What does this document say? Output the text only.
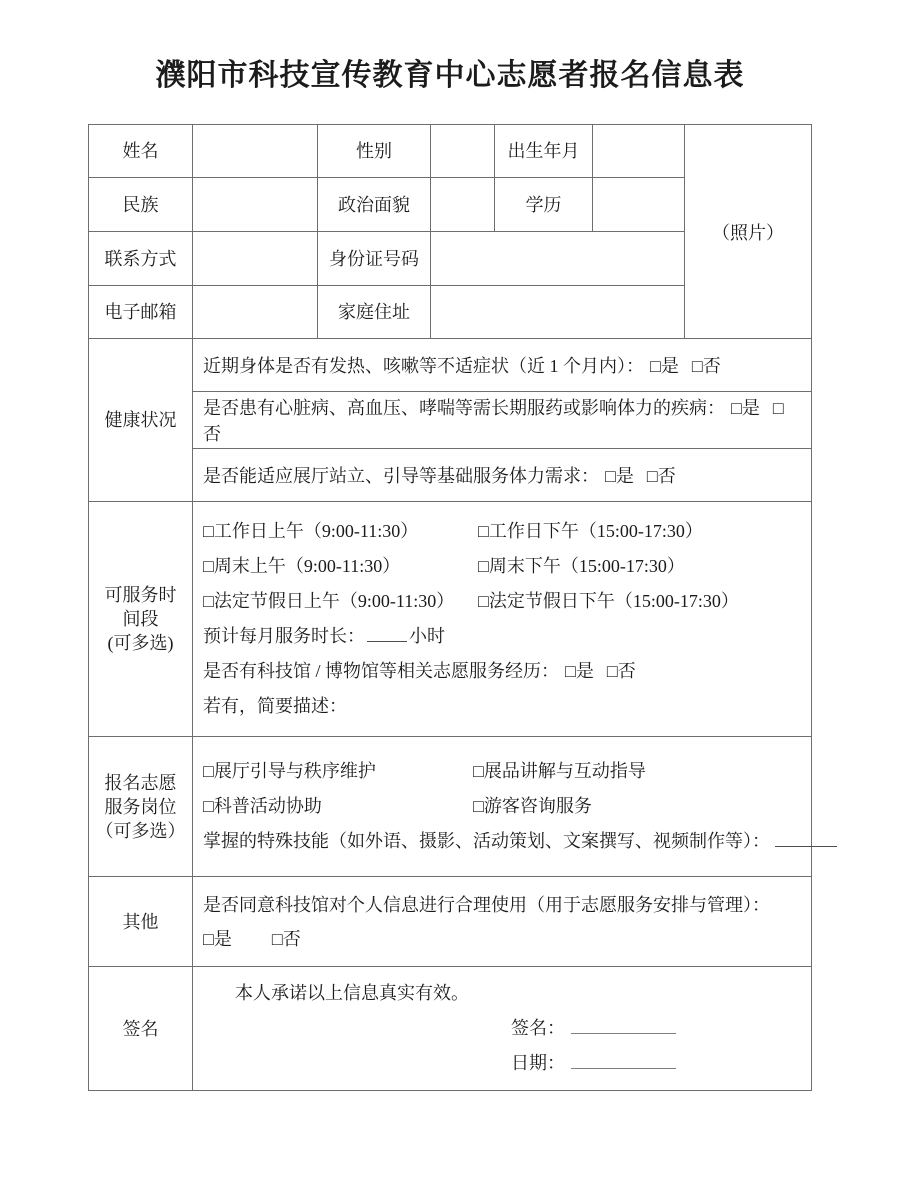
濮阳市科技宣传教育中心志愿者报名信息表
姓名		性别		出生年月		（照片）
民族		政治面貌		学历		
联系方式		身份证号码				
电子邮箱		家庭住址				
健康状况	近期身体是否有发热、咳嗽等不适症状（近 1 个月内）： □是 □否					
	是否患有心脏病、高血压、哮喘等需长期服药或影响体力的疾病： □是 □否					
	是否能适应展厅站立、引导等基础服务体力需求： □是 □否					

可服务时
间段
(可多选)

□工作日上午（9:00-11:30）	□工作日下午（15:00-17:30）
□周末上午（9:00-11:30）	□周末下午（15:00-17:30）
□法定节假日上午（9:00-11:30） □法定节假日下午（15:00-17:30）
预计每月服务时长： 小时
是否有科技馆 / 博物馆等相关志愿服务经历： □是 □否
若有，简要描述：

报名志愿
服务岗位
（可多选）

□展厅引导与秩序维护	□展品讲解与互动指导
□科普活动协助	□游客咨询服务
掌握的特殊技能（如外语、摄影、活动策划、文案撰写、视频制作等）：

其他	是否同意科技馆对个人信息进行合理使用（用于志愿服务安排与管理）：
□是 □否					

签名	本人承诺以上信息真实有效。
签名：
日期：					
